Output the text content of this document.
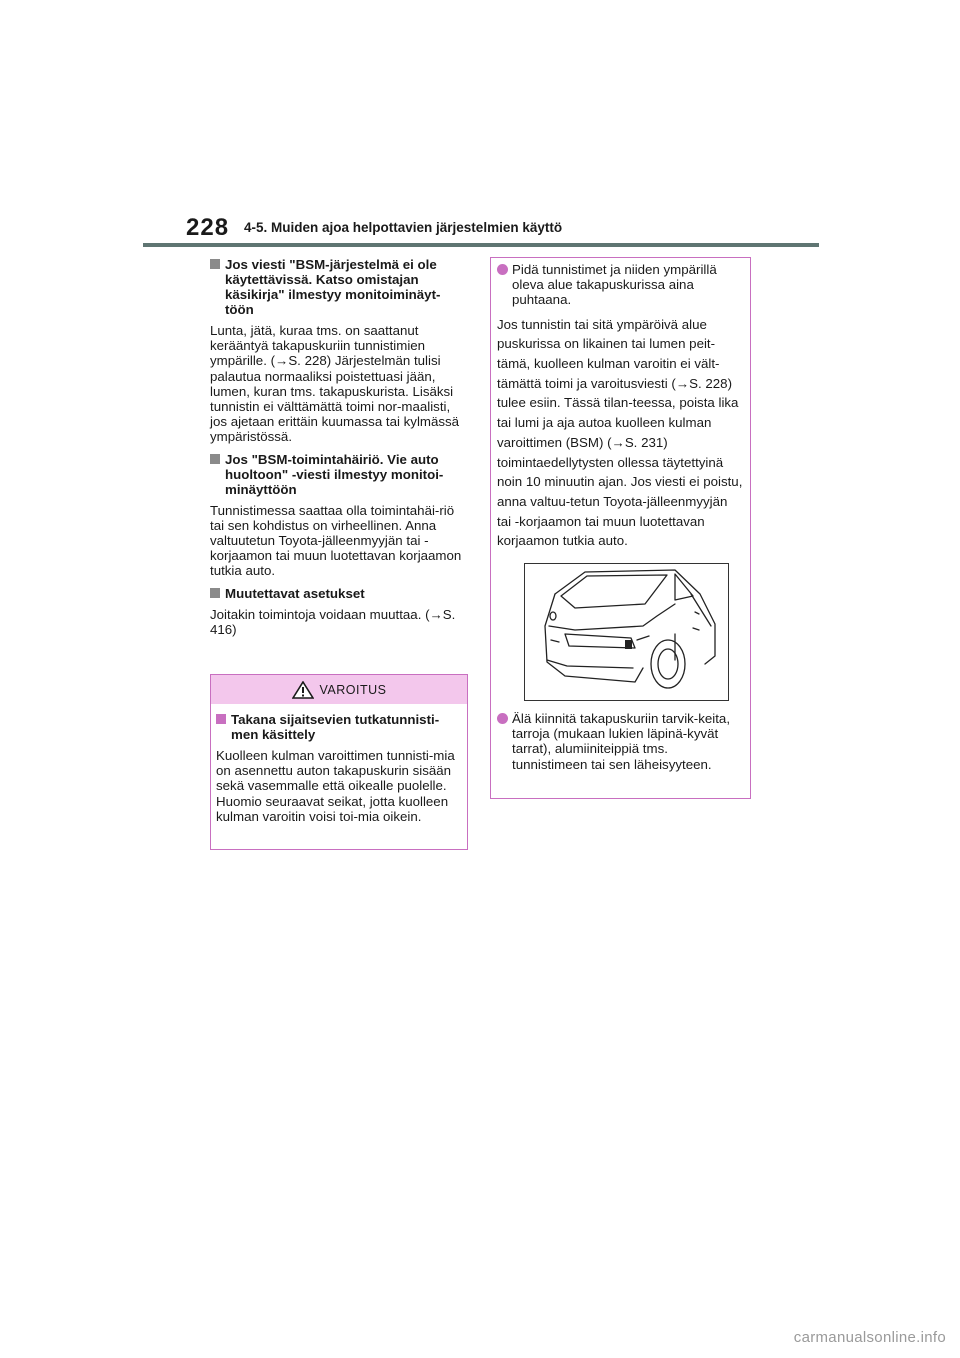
228 4-5. Muiden ajoa helpottavien järjestelmien käyttö
Jos viesti "BSM-järjestelmä ei ole käytettävissä. Katso omistajan käsikirja" ilmestyy monitoiminäyt-töön
Lunta, jätä, kuraa tms. on saattanut kerääntyä takapuskuriin tunnistimien ympärille. (→S. 228) Järjestelmän tulisi palautua normaaliksi poistettuasi jään, lumen, kuran tms. takapuskurista. Lisäksi tunnistin ei välttämättä toimi nor-maalisti, jos ajetaan erittäin kuumassa tai kylmässä ympäristössä.
Jos "BSM-toimintahäiriö. Vie auto huoltoon" -viesti ilmestyy monitoi-minäyttöön
Tunnistimessa saattaa olla toimintahäi-riö tai sen kohdistus on virheellinen. Anna valtuutetun Toyota-jälleenmyyjän tai -korjaamon tai muun luotettavan korjaamon tutkia auto.
Muutettavat asetukset
Joitakin toimintoja voidaan muuttaa. (→S. 416)
VAROITUS
Takana sijaitsevien tutkatunnisti-men käsittely
Kuolleen kulman varoittimen tunnisti-mia on asennettu auton takapuskurin sisään sekä vasemmalle että oikealle puolelle. Huomio seuraavat seikat, jotta kuolleen kulman varoitin voisi toi-mia oikein.
Pidä tunnistimet ja niiden ympärillä oleva alue takapuskurissa aina puhtaana.
Jos tunnistin tai sitä ympäröivä alue puskurissa on likainen tai lumen peit-tämä, kuolleen kulman varoitin ei vält-tämättä toimi ja varoitusviesti (→S. 228) tulee esiin. Tässä tilan-teessa, poista lika tai lumi ja aja autoa kuolleen kulman varoittimen (BSM) (→S. 231) toimintaedellytysten ollessa täytettyinä noin 10 minuutin ajan. Jos viesti ei poistu, anna valtuu-tetun Toyota-jälleenmyyjän tai -korjaamon tai muun luotettavan korjaamon tutkia auto.
Älä kiinnitä takapuskuriin tarvik-keita, tarroja (mukaan lukien läpinä-kyvät tarrat), alumiiniteippiä tms. tunnistimeen tai sen läheisyyteen.
carmanualsonline.info
